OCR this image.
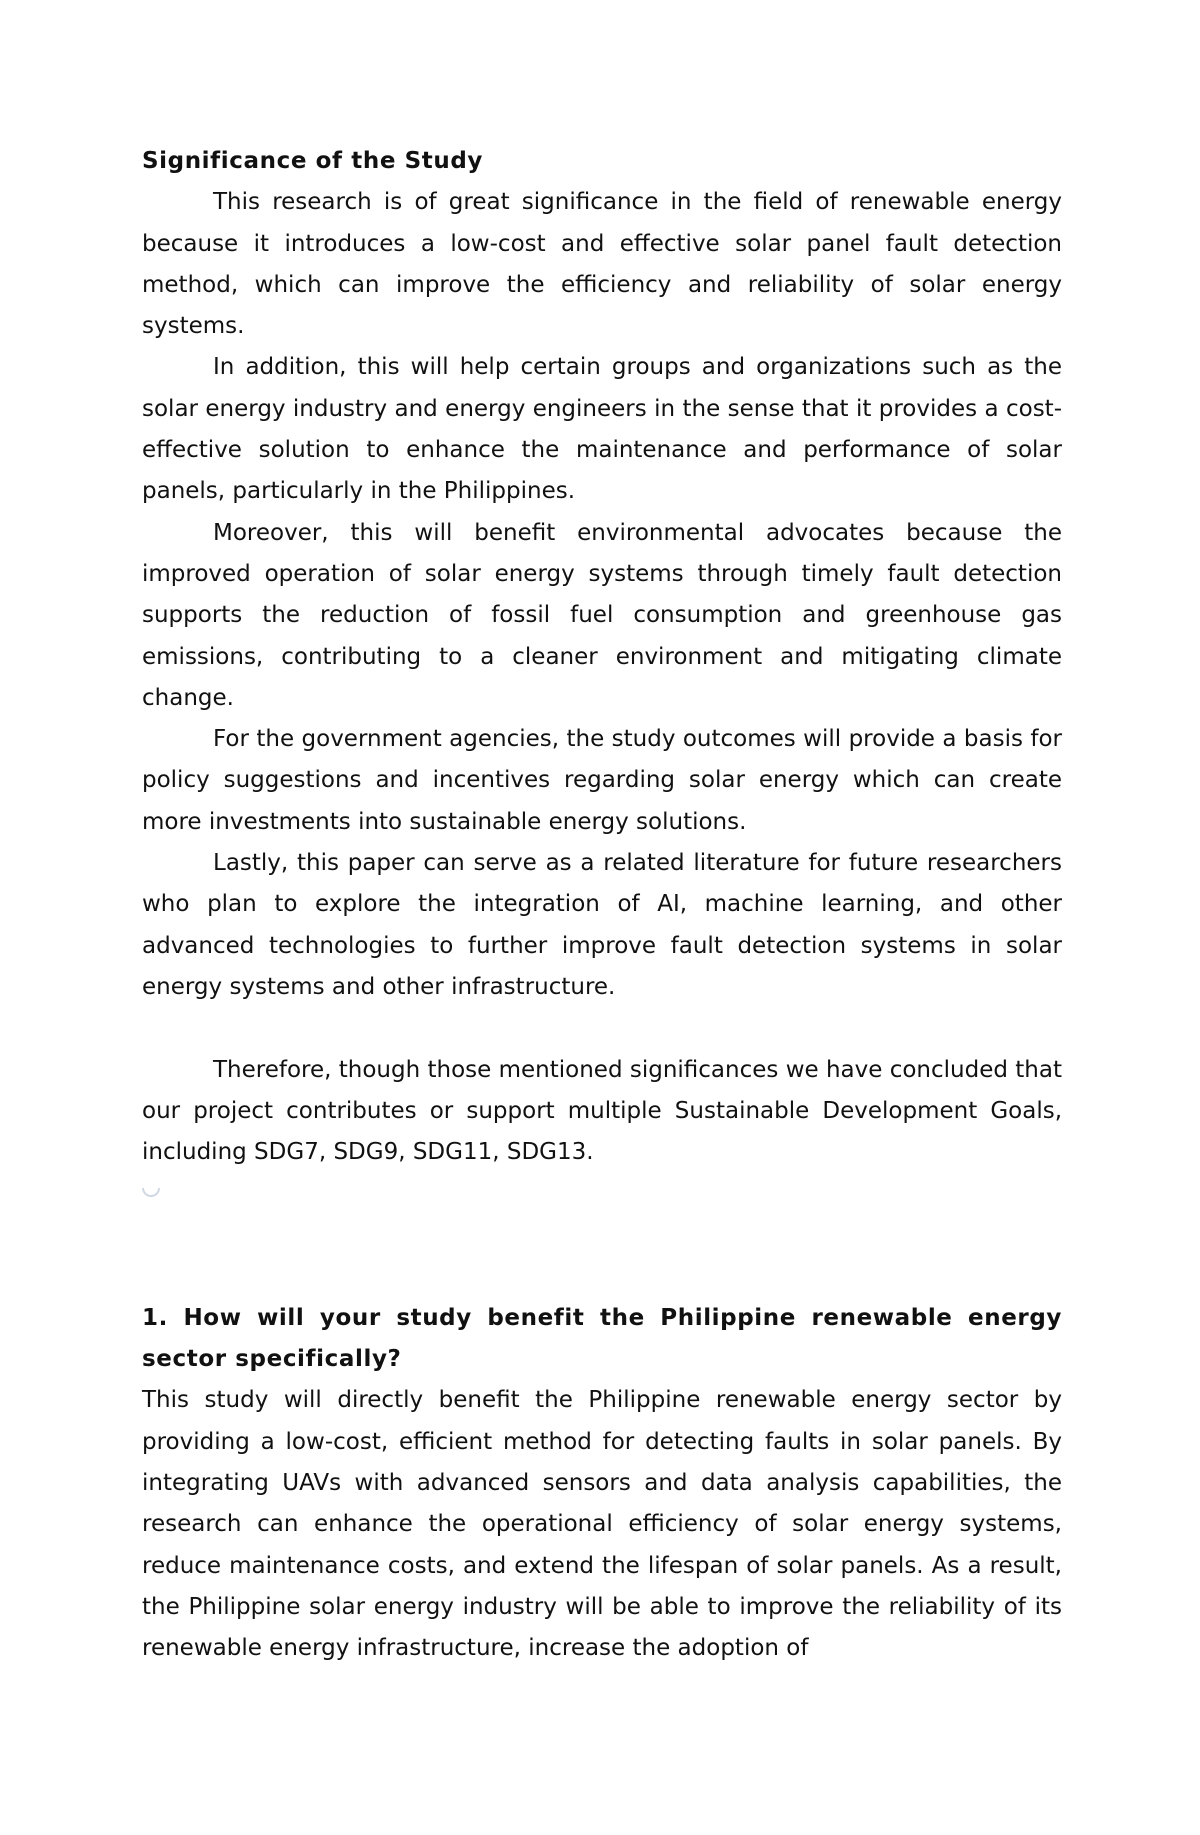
Significance of the Study

This research is of great significance in the field of renewable energy because it introduces a low-cost and effective solar panel fault detection method, which can improve the efficiency and reliability of solar energy systems.

In addition, this will help certain groups and organizations such as the solar energy industry and energy engineers in the sense that it provides a cost-effective solution to enhance the maintenance and performance of solar panels, particularly in the Philippines.

Moreover, this will benefit environmental advocates because the improved operation of solar energy systems through timely fault detection supports the reduction of fossil fuel consumption and greenhouse gas emissions, contributing to a cleaner environment and mitigating climate change.

For the government agencies, the study outcomes will provide a basis for policy suggestions and incentives regarding solar energy which can create more investments into sustainable energy solutions.

Lastly, this paper can serve as a related literature for future researchers who plan to explore the integration of AI, machine learning, and other advanced technologies to further improve fault detection systems in solar energy systems and other infrastructure.

Therefore, though those mentioned significances we have concluded that our project contributes or support multiple Sustainable Development Goals, including SDG7, SDG9, SDG11, SDG13.

1. How will your study benefit the Philippine renewable energy sector specifically?

This study will directly benefit the Philippine renewable energy sector by providing a low-cost, efficient method for detecting faults in solar panels. By integrating UAVs with advanced sensors and data analysis capabilities, the research can enhance the operational efficiency of solar energy systems, reduce maintenance costs, and extend the lifespan of solar panels. As a result, the Philippine solar energy industry will be able to improve the reliability of its renewable energy infrastructure, increase the adoption of
